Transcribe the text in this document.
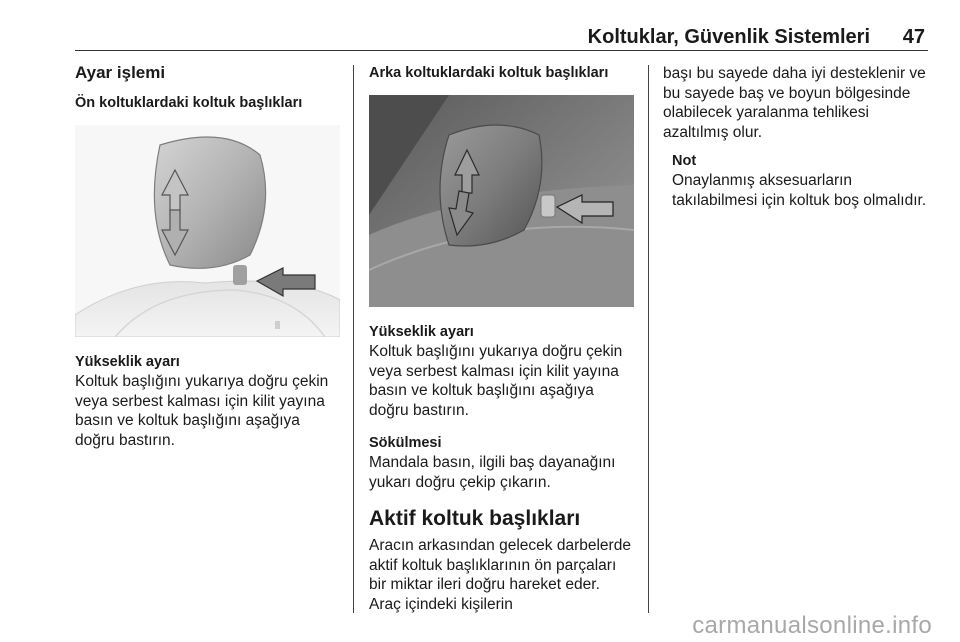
Koltuklar, Güvenlik Sistemleri 47

Ayar işlemi

Ön koltuklardaki koltuk başlıkları

Yükseklik ayarı

Koltuk başlığını yukarıya doğru çekin veya serbest kalması için kilit yayına basın ve koltuk başlığını aşağıya doğru bastırın.

Arka koltuklardaki koltuk başlıkları

Yükseklik ayarı

Koltuk başlığını yukarıya doğru çekin veya serbest kalması için kilit yayına basın ve koltuk başlığını aşağıya doğru bastırın.

Sökülmesi

Mandala basın, ilgili baş dayanağını yukarı doğru çekip çıkarın.

Aktif koltuk başlıkları

Aracın arkasından gelecek darbelerde aktif koltuk başlıklarının ön parçaları bir miktar ileri doğru hareket eder. Araç içindeki kişilerin

başı bu sayede daha iyi desteklenir ve bu sayede baş ve boyun bölgesinde olabilecek yaralanma tehlikesi azaltılmış olur.

Not

Onaylanmış aksesuarların takılabilmesi için koltuk boş olmalıdır.

carmanualsonline.info
